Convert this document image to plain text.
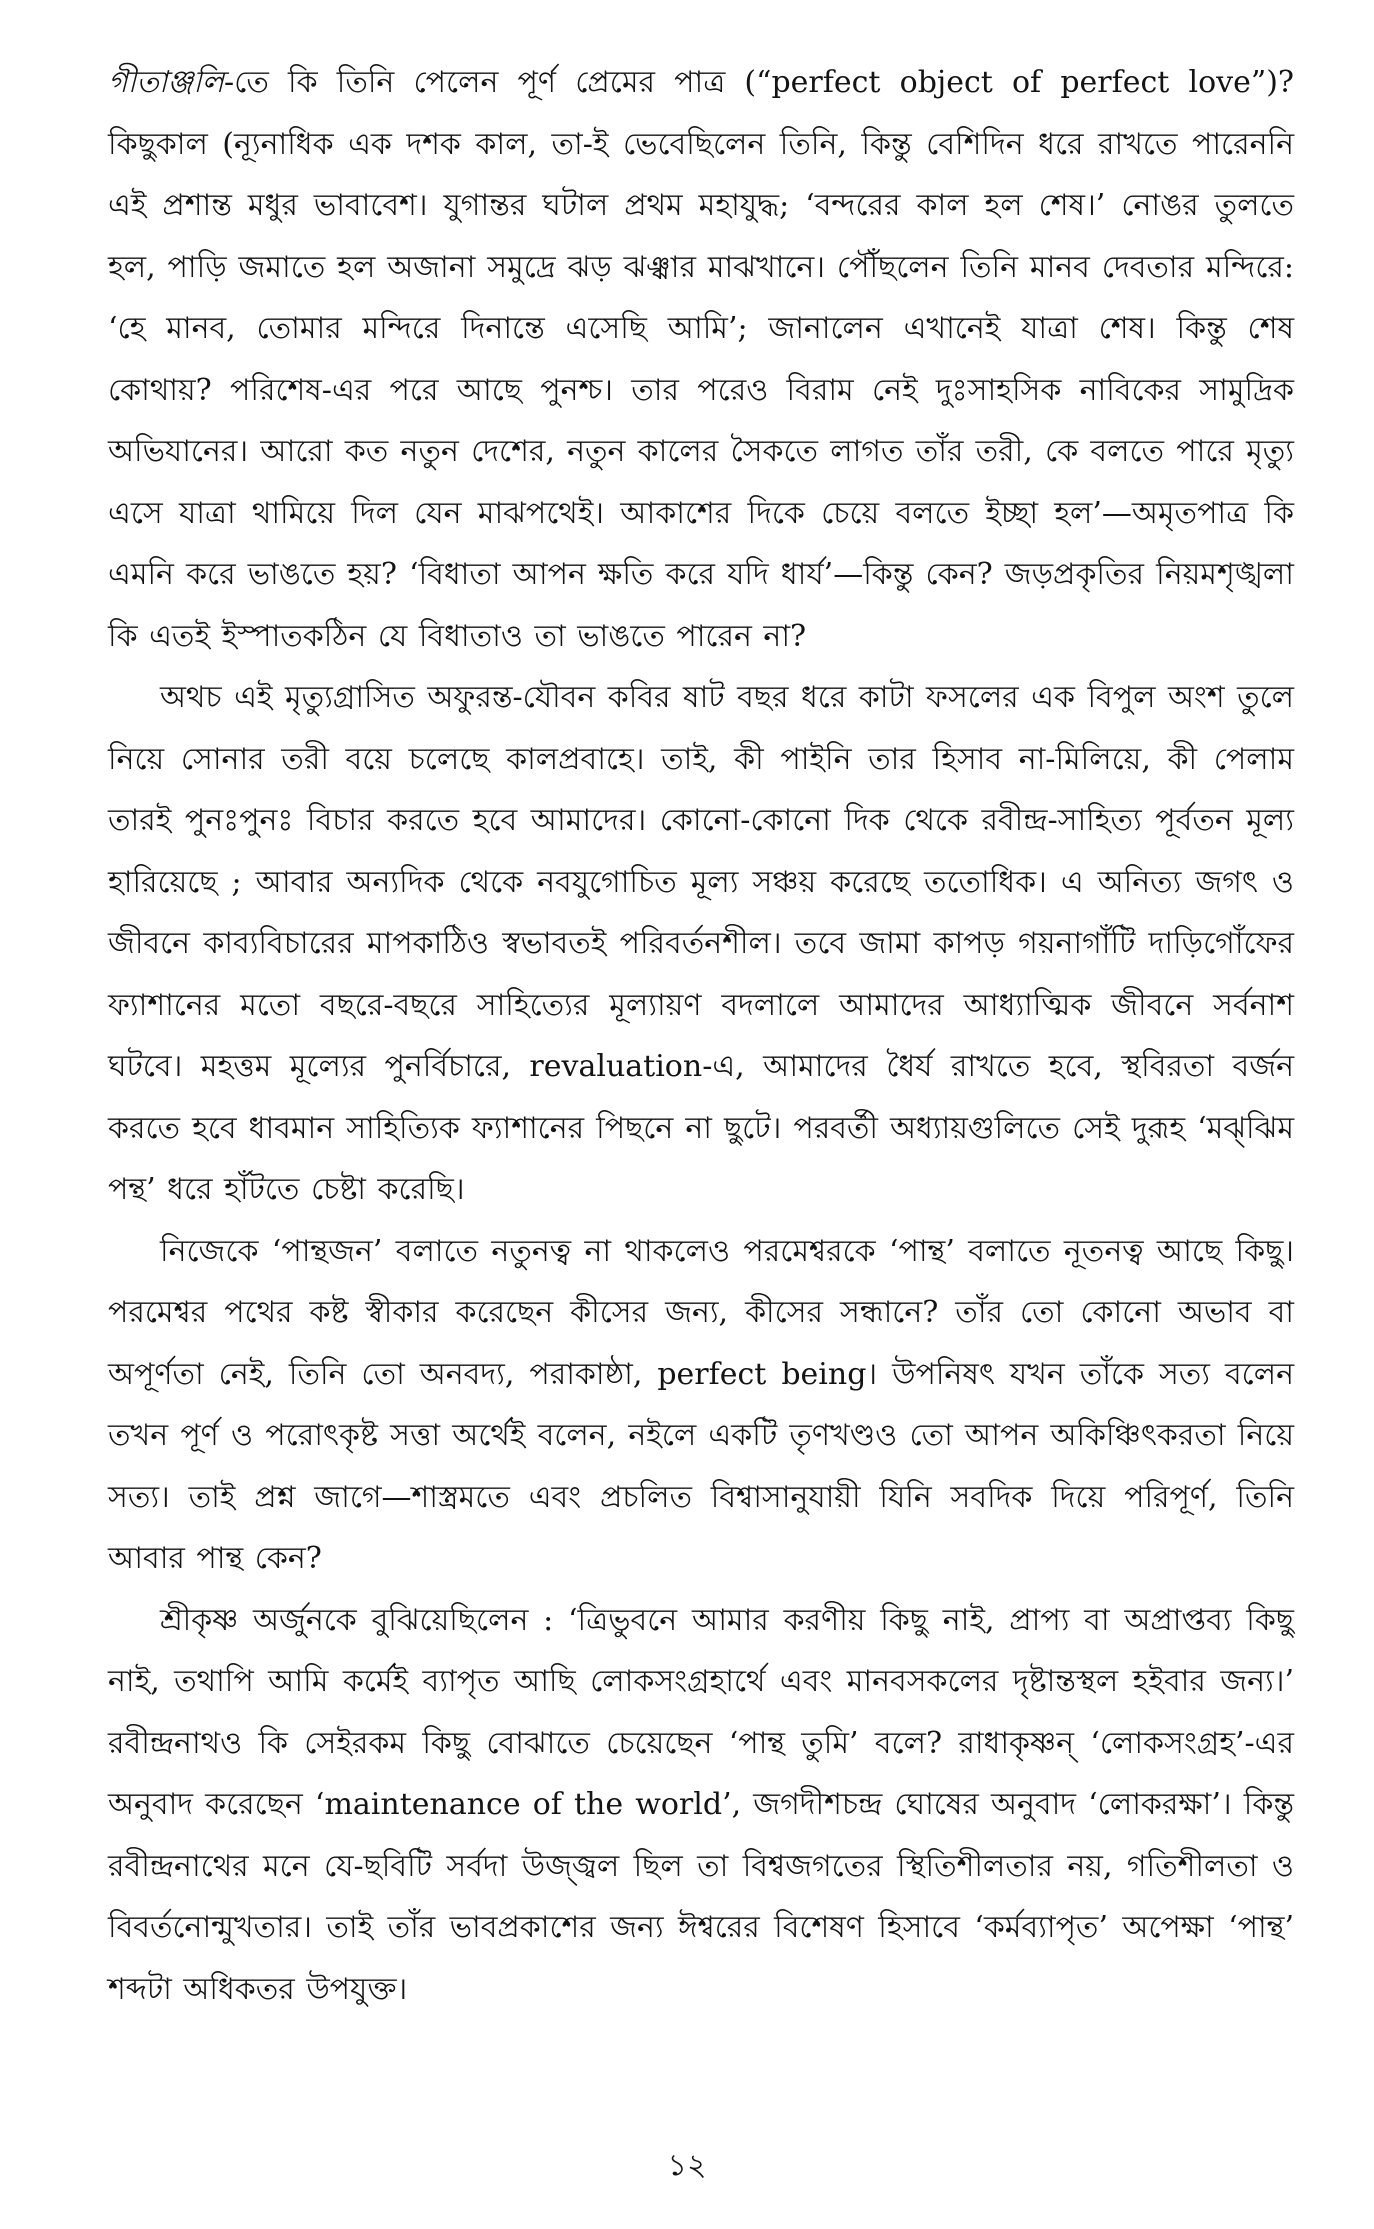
গীতাঞ্জলি-তে কি তিনি পেলেন পূর্ণ প্রেমের পাত্র (“perfect object of perfect love”)? কিছুকাল (ন্যূনাধিক এক দশক কাল, তা-ই ভেবেছিলেন তিনি, কিন্তু বেশিদিন ধরে রাখতে পারেননি এই প্রশান্ত মধুর ভাবাবেশ। যুগান্তর ঘটাল প্রথম মহাযুদ্ধ; ‘বন্দরের কাল হল শেষ।’ নোঙর তুলতে হল, পাড়ি জমাতে হল অজানা সমুদ্রে ঝড় ঝঞ্ঝার মাঝখানে। পৌঁছলেন তিনি মানব দেবতার মন্দিরে: ‘হে মানব, তোমার মন্দিরে দিনান্তে এসেছি আমি’; জানালেন এখানেই যাত্রা শেষ। কিন্তু শেষ কোথায়? পরিশেষ-এর পরে আছে পুনশ্চ। তার পরেও বিরাম নেই দুঃসাহসিক নাবিকের সামুদ্রিক অভিযানের। আরো কত নতুন দেশের, নতুন কালের সৈকতে লাগত তাঁর তরী, কে বলতে পারে মৃত্যু এসে যাত্রা থামিয়ে দিল যেন মাঝপথেই। আকাশের দিকে চেয়ে বলতে ইচ্ছা হল’—অমৃতপাত্র কি এমনি করে ভাঙতে হয়? ‘বিধাতা আপন ক্ষতি করে যদি ধার্য’—কিন্তু কেন? জড়প্রকৃতির নিয়মশৃঙ্খলা কি এতই ইস্পাতকঠিন যে বিধাতাও তা ভাঙতে পারেন না?

অথচ এই মৃত্যুগ্রাসিত অফুরন্ত-যৌবন কবির ষাট বছর ধরে কাটা ফসলের এক বিপুল অংশ তুলে নিয়ে সোনার তরী বয়ে চলেছে কালপ্রবাহে। তাই, কী পাইনি তার হিসাব না-মিলিয়ে, কী পেলাম তারই পুনঃপুনঃ বিচার করতে হবে আমাদের। কোনো-কোনো দিক থেকে রবীন্দ্র-সাহিত্য পূর্বতন মূল্য হারিয়েছে ; আবার অন্যদিক থেকে নবযুগোচিত মূল্য সঞ্চয় করেছে ততোধিক। এ অনিত্য জগৎ ও জীবনে কাব্যবিচারের মাপকাঠিও স্বভাবতই পরিবর্তনশীল। তবে জামা কাপড় গয়নাগাঁটি দাড়িগোঁফের ফ্যাশানের মতো বছরে-বছরে সাহিত্যের মূল্যায়ণ বদলালে আমাদের আধ্যাত্মিক জীবনে সর্বনাশ ঘটবে। মহত্তম মূল্যের পুনর্বিচারে, revaluation-এ, আমাদের ধৈর্য রাখতে হবে, স্থবিরতা বর্জন করতে হবে ধাবমান সাহিত্যিক ফ্যাশানের পিছনে না ছুটে। পরবর্তী অধ্যায়গুলিতে সেই দুরূহ ‘মঝ্‌ঝিম পন্থ’ ধরে হাঁটতে চেষ্টা করেছি।

নিজেকে ‘পান্থজন’ বলাতে নতুনত্ব না থাকলেও পরমেশ্বরকে ‘পান্থ’ বলাতে নূতনত্ব আছে কিছু। পরমেশ্বর পথের কষ্ট স্বীকার করেছেন কীসের জন্য, কীসের সন্ধানে? তাঁর তো কোনো অভাব বা অপূর্ণতা নেই, তিনি তো অনবদ্য, পরাকাষ্ঠা, perfect being। উপনিষৎ যখন তাঁকে সত্য বলেন তখন পূর্ণ ও পরোৎকৃষ্ট সত্তা অর্থেই বলেন, নইলে একটি তৃণখণ্ডও তো আপন অকিঞ্চিৎকরতা নিয়ে সত্য। তাই প্রশ্ন জাগে—শাস্ত্রমতে এবং প্রচলিত বিশ্বাসানুযায়ী যিনি সবদিক দিয়ে পরিপূর্ণ, তিনি আবার পান্থ কেন?

শ্রীকৃষ্ণ অর্জুনকে বুঝিয়েছিলেন : ‘ত্রিভুবনে আমার করণীয় কিছু নাই, প্রাপ্য বা অপ্রাপ্তব্য কিছু নাই, তথাপি আমি কর্মেই ব্যাপৃত আছি লোকসংগ্রহার্থে এবং মানবসকলের দৃষ্টান্তস্থল হইবার জন্য।’ রবীন্দ্রনাথও কি সেইরকম কিছু বোঝাতে চেয়েছেন ‘পান্থ তুমি’ বলে? রাধাকৃষ্ণন্ ‘লোকসংগ্রহ’-এর অনুবাদ করেছেন ‘maintenance of the world’, জগদীশচন্দ্র ঘোষের অনুবাদ ‘লোকরক্ষা’। কিন্তু রবীন্দ্রনাথের মনে যে-ছবিটি সর্বদা উজ্জ্বল ছিল তা বিশ্বজগতের স্থিতিশীলতার নয়, গতিশীলতা ও বিবর্তনোন্মুখতার। তাই তাঁর ভাবপ্রকাশের জন্য ঈশ্বরের বিশেষণ হিসাবে ‘কর্মব্যাপৃত’ অপেক্ষা ‘পান্থ’ শব্দটা অধিকতর উপযুক্ত।

১২
